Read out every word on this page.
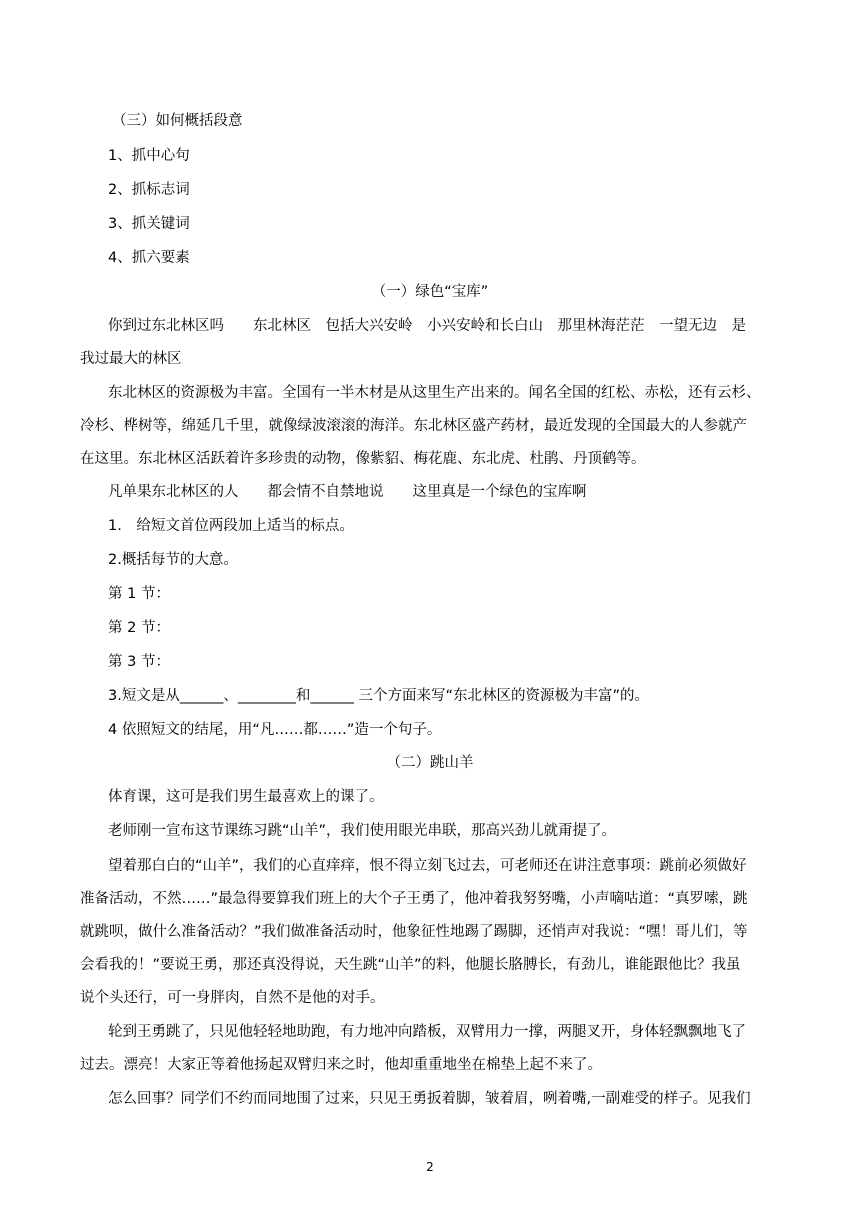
（三）如何概括段意
1、抓中心句
2、抓标志词
3、抓关键词
4、抓六要素
（一）绿色“宝库”
你到过东北林区吗　　东北林区　包括大兴安岭　小兴安岭和长白山　那里林海茫茫　一望无边　是
我过最大的林区
东北林区的资源极为丰富。全国有一半木材是从这里生产出来的。闻名全国的红松、赤松，还有云杉、
冷杉、桦树等，绵延几千里，就像绿波滚滚的海洋。东北林区盛产药材，最近发现的全国最大的人参就产
在这里。东北林区活跃着许多珍贵的动物，像紫貂、梅花鹿、东北虎、杜鹃、丹顶鹤等。
凡单果东北林区的人　　都会情不自禁地说　　这里真是一个绿色的宝库啊
1.　给短文首位两段加上适当的标点。
2.概括每节的大意。
第 1 节：
第 2 节：
第 3 节：
3.短文是从______、________和______ 三个方面来写“东北林区的资源极为丰富”的。
4 依照短文的结尾，用“凡……都……”造一个句子。
（二）跳山羊
体育课，这可是我们男生最喜欢上的课了。
老师刚一宣布这节课练习跳“山羊”，我们使用眼光串联，那高兴劲儿就甭提了。
望着那白白的“山羊”，我们的心直痒痒，恨不得立刻飞过去，可老师还在讲注意事项：跳前必须做好
准备活动，不然……”最急得要算我们班上的大个子王勇了，他冲着我努努嘴，小声嘀咕道：“真罗嗦，跳
就跳呗，做什么准备活动？”我们做准备活动时，他象征性地踢了踢脚，还悄声对我说：“嘿！哥儿们，等
会看我的！”要说王勇，那还真没得说，天生跳“山羊”的料，他腿长胳膊长，有劲儿，谁能跟他比？我虽
说个头还行，可一身胖肉，自然不是他的对手。
轮到王勇跳了，只见他轻轻地助跑，有力地冲向踏板，双臂用力一撑，两腿叉开，身体轻飘飘地飞了
过去。漂亮！大家正等着他扬起双臂归来之时，他却重重地坐在棉垫上起不来了。
怎么回事？同学们不约而同地围了过来，只见王勇扳着脚，皱着眉，咧着嘴,一副难受的样子。见我们
2
